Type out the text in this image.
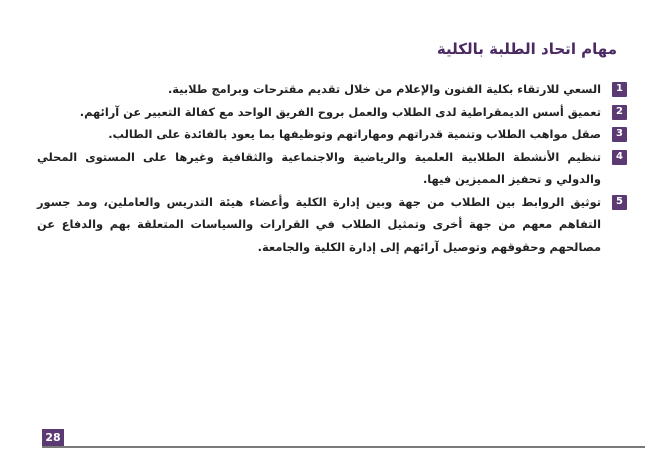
مهام اتحاد الطلبة بالكلية
1
السعي للارتقاء بكلية الفنون والإعلام من خلال تقديم مقترحات وبرامج طلابية.
2
تعميق أسس الديمقراطية لدى الطلاب والعمل بروح الفريق الواحد مع كفالة التعبير عن آرائهم.
3
صقل مواهب الطلاب وتنمية قدراتهم ومهاراتهم وتوظيفها بما يعود بالفائدة على الطالب.
4
تنظيم الأنشطة الطلابية العلمية والرياضية والاجتماعية والثقافية وغيرها على المستوى المحلي والدولي و تحفيز المميزين فيها.
5
توثيق الروابط بين الطلاب من جهة وبين إدارة الكلية وأعضاء هيئة التدريس والعاملين، ومد جسور التفاهم معهم من جهة أخرى وتمثيل الطلاب في القرارات والسياسات المتعلقة بهم والدفاع عن مصالحهم وحقوقهم وتوصيل آرائهم إلى إدارة الكلية والجامعة.
28
